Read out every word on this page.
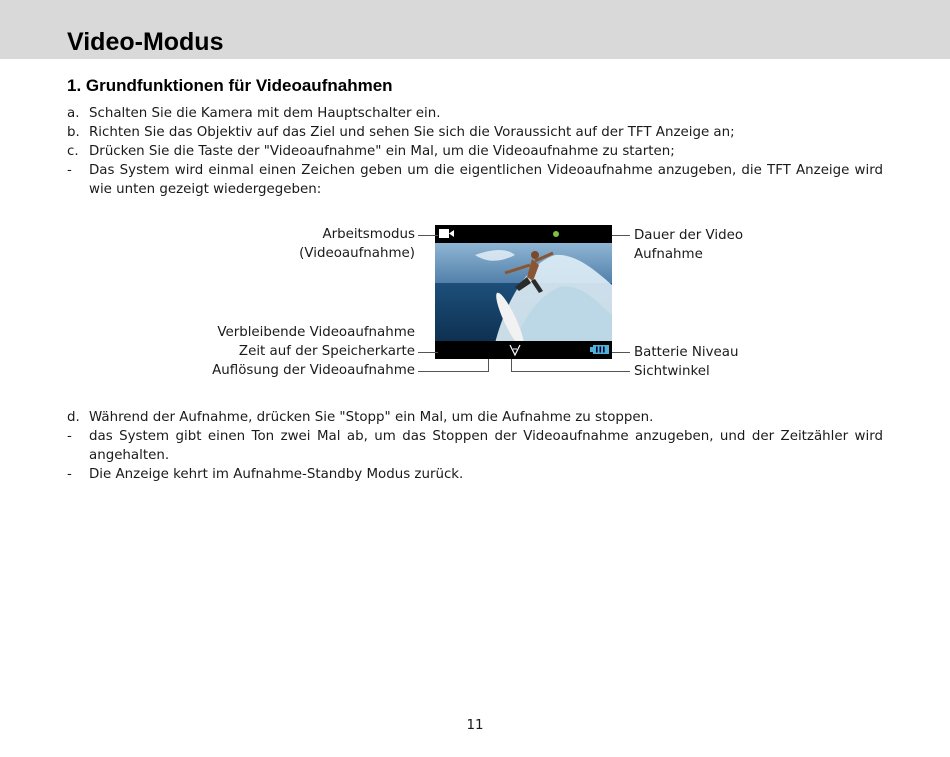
Video-Modus
1. Grundfunktionen für Videoaufnahmen
a. Schalten Sie die Kamera mit dem Hauptschalter ein.
b. Richten Sie das Objektiv auf das Ziel und sehen Sie sich die Voraussicht auf der TFT Anzeige an;
c. Drücken Sie die Taste der "Videoaufnahme" ein Mal, um die Videoaufnahme zu starten;
-	Das System wird einmal einen Zeichen geben um die eigentlichen Videoaufnahme anzugeben, die TFT Anzeige wird wie unten gezeigt wiedergegeben:
Arbeitsmodus
(Videoaufnahme)
Dauer der Video
Aufnahme
Verbleibende Videoaufnahme
Zeit auf der Speicherkarte
Auflösung der Videoaufnahme
Batterie Niveau
Sichtwinkel
d. Während der Aufnahme, drücken Sie "Stopp" ein Mal, um die Aufnahme zu stoppen.
-	das System gibt einen Ton zwei Mal ab, um das Stoppen der Videoaufnahme anzugeben, und der Zeitzähler wird angehalten.
-	Die Anzeige kehrt im Aufnahme-Standby Modus zurück.
11
